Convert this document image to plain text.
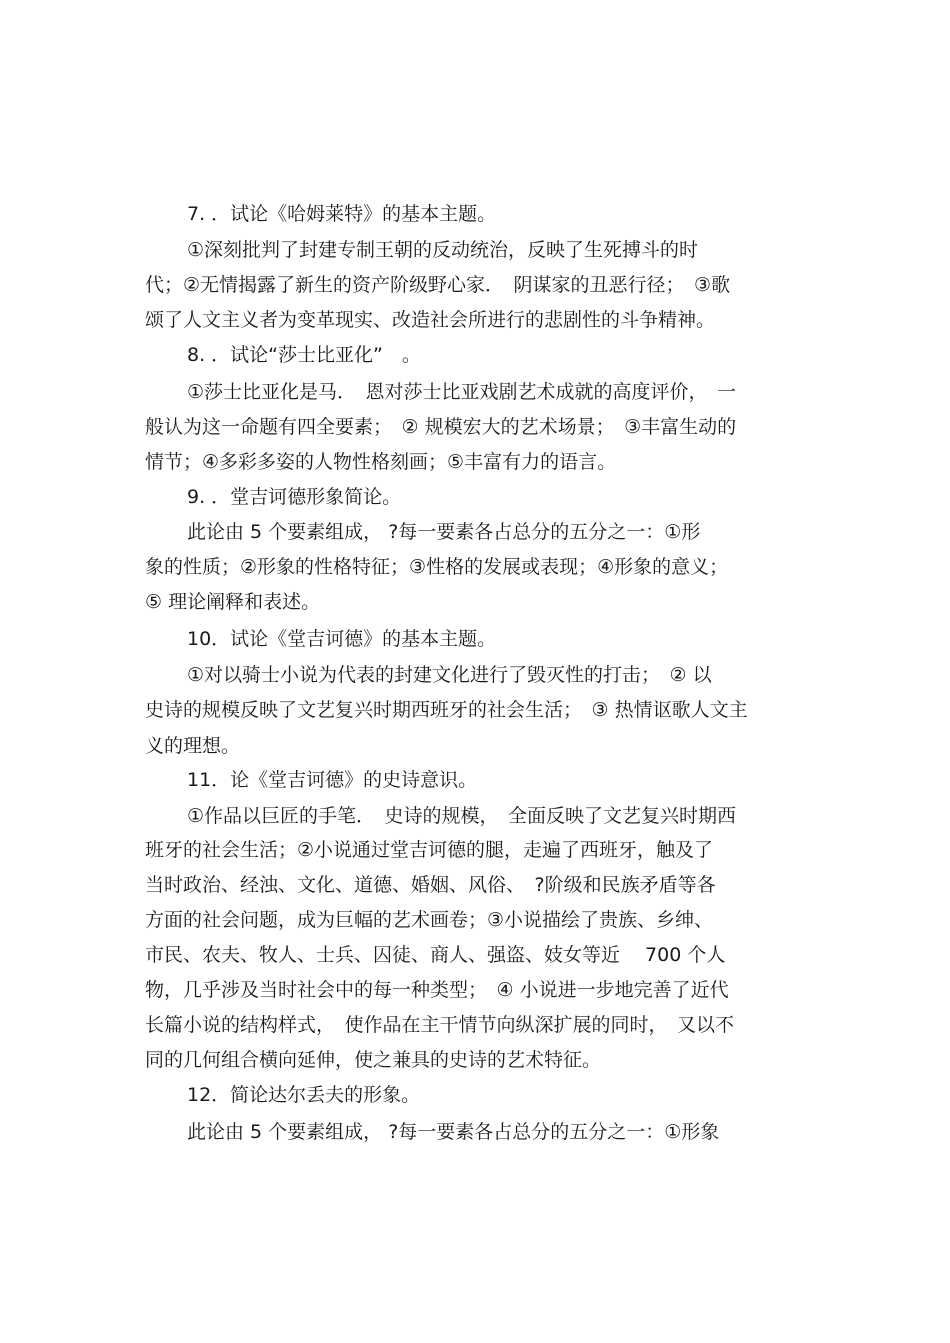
7. ．试论《哈姆莱特》的基本主题。
①深刻批判了封建专制王朝的反动统治，反映了生死搏斗的时
代；②无情揭露了新生的资产阶级野心家．　阴谋家的丑恶行径；　③歌
颂了人文主义者为变革现实、改造社会所进行的悲剧性的斗争精神。
8. ．试论“莎士比亚化”　。
①莎士比亚化是马．　恩对莎士比亚戏剧艺术成就的高度评价，　一
般认为这一命题有四全要素；　② 规模宏大的艺术场景；　③丰富生动的
情节；④多彩多姿的人物性格刻画；⑤丰富有力的语言。
9. ．堂吉诃德形象简论。
此论由 5 个要素组成， ?每一要素各占总分的五分之一：①形
象的性质；②形象的性格特征；③性格的发展或表现；④形象的意义；
⑤ 理论阐释和表述。
10．试论《堂吉诃德》的基本主题。
①对以骑士小说为代表的封建文化进行了毁灭性的打击；　② 以
史诗的规模反映了文艺复兴时期西班牙的社会生活；　③ 热情讴歌人文主
义的理想。
11．论《堂吉诃德》的史诗意识。
①作品以巨匠的手笔．　史诗的规模，　全面反映了文艺复兴时期西
班牙的社会生活；②小说通过堂吉诃德的腿，走遍了西班牙，触及了
当时政治、经浊、文化、道德、婚姻、风俗、　?阶级和民族矛盾等各
方面的社会问题，成为巨幅的艺术画卷；③小说描绘了贵族、乡绅、
市民、农夫、牧人、士兵、囚徒、商人、强盗、妓女等近　 700 个人
物，几乎涉及当时社会中的每一种类型；　④ 小说进一步地完善了近代
长篇小说的结构样式，　使作品在主干情节向纵深扩展的同时，　又以不
同的几何组合横向延伸，使之兼具的史诗的艺术特征。
12．简论达尔丢夫的形象。
此论由 5 个要素组成， ?每一要素各占总分的五分之一：①形象
